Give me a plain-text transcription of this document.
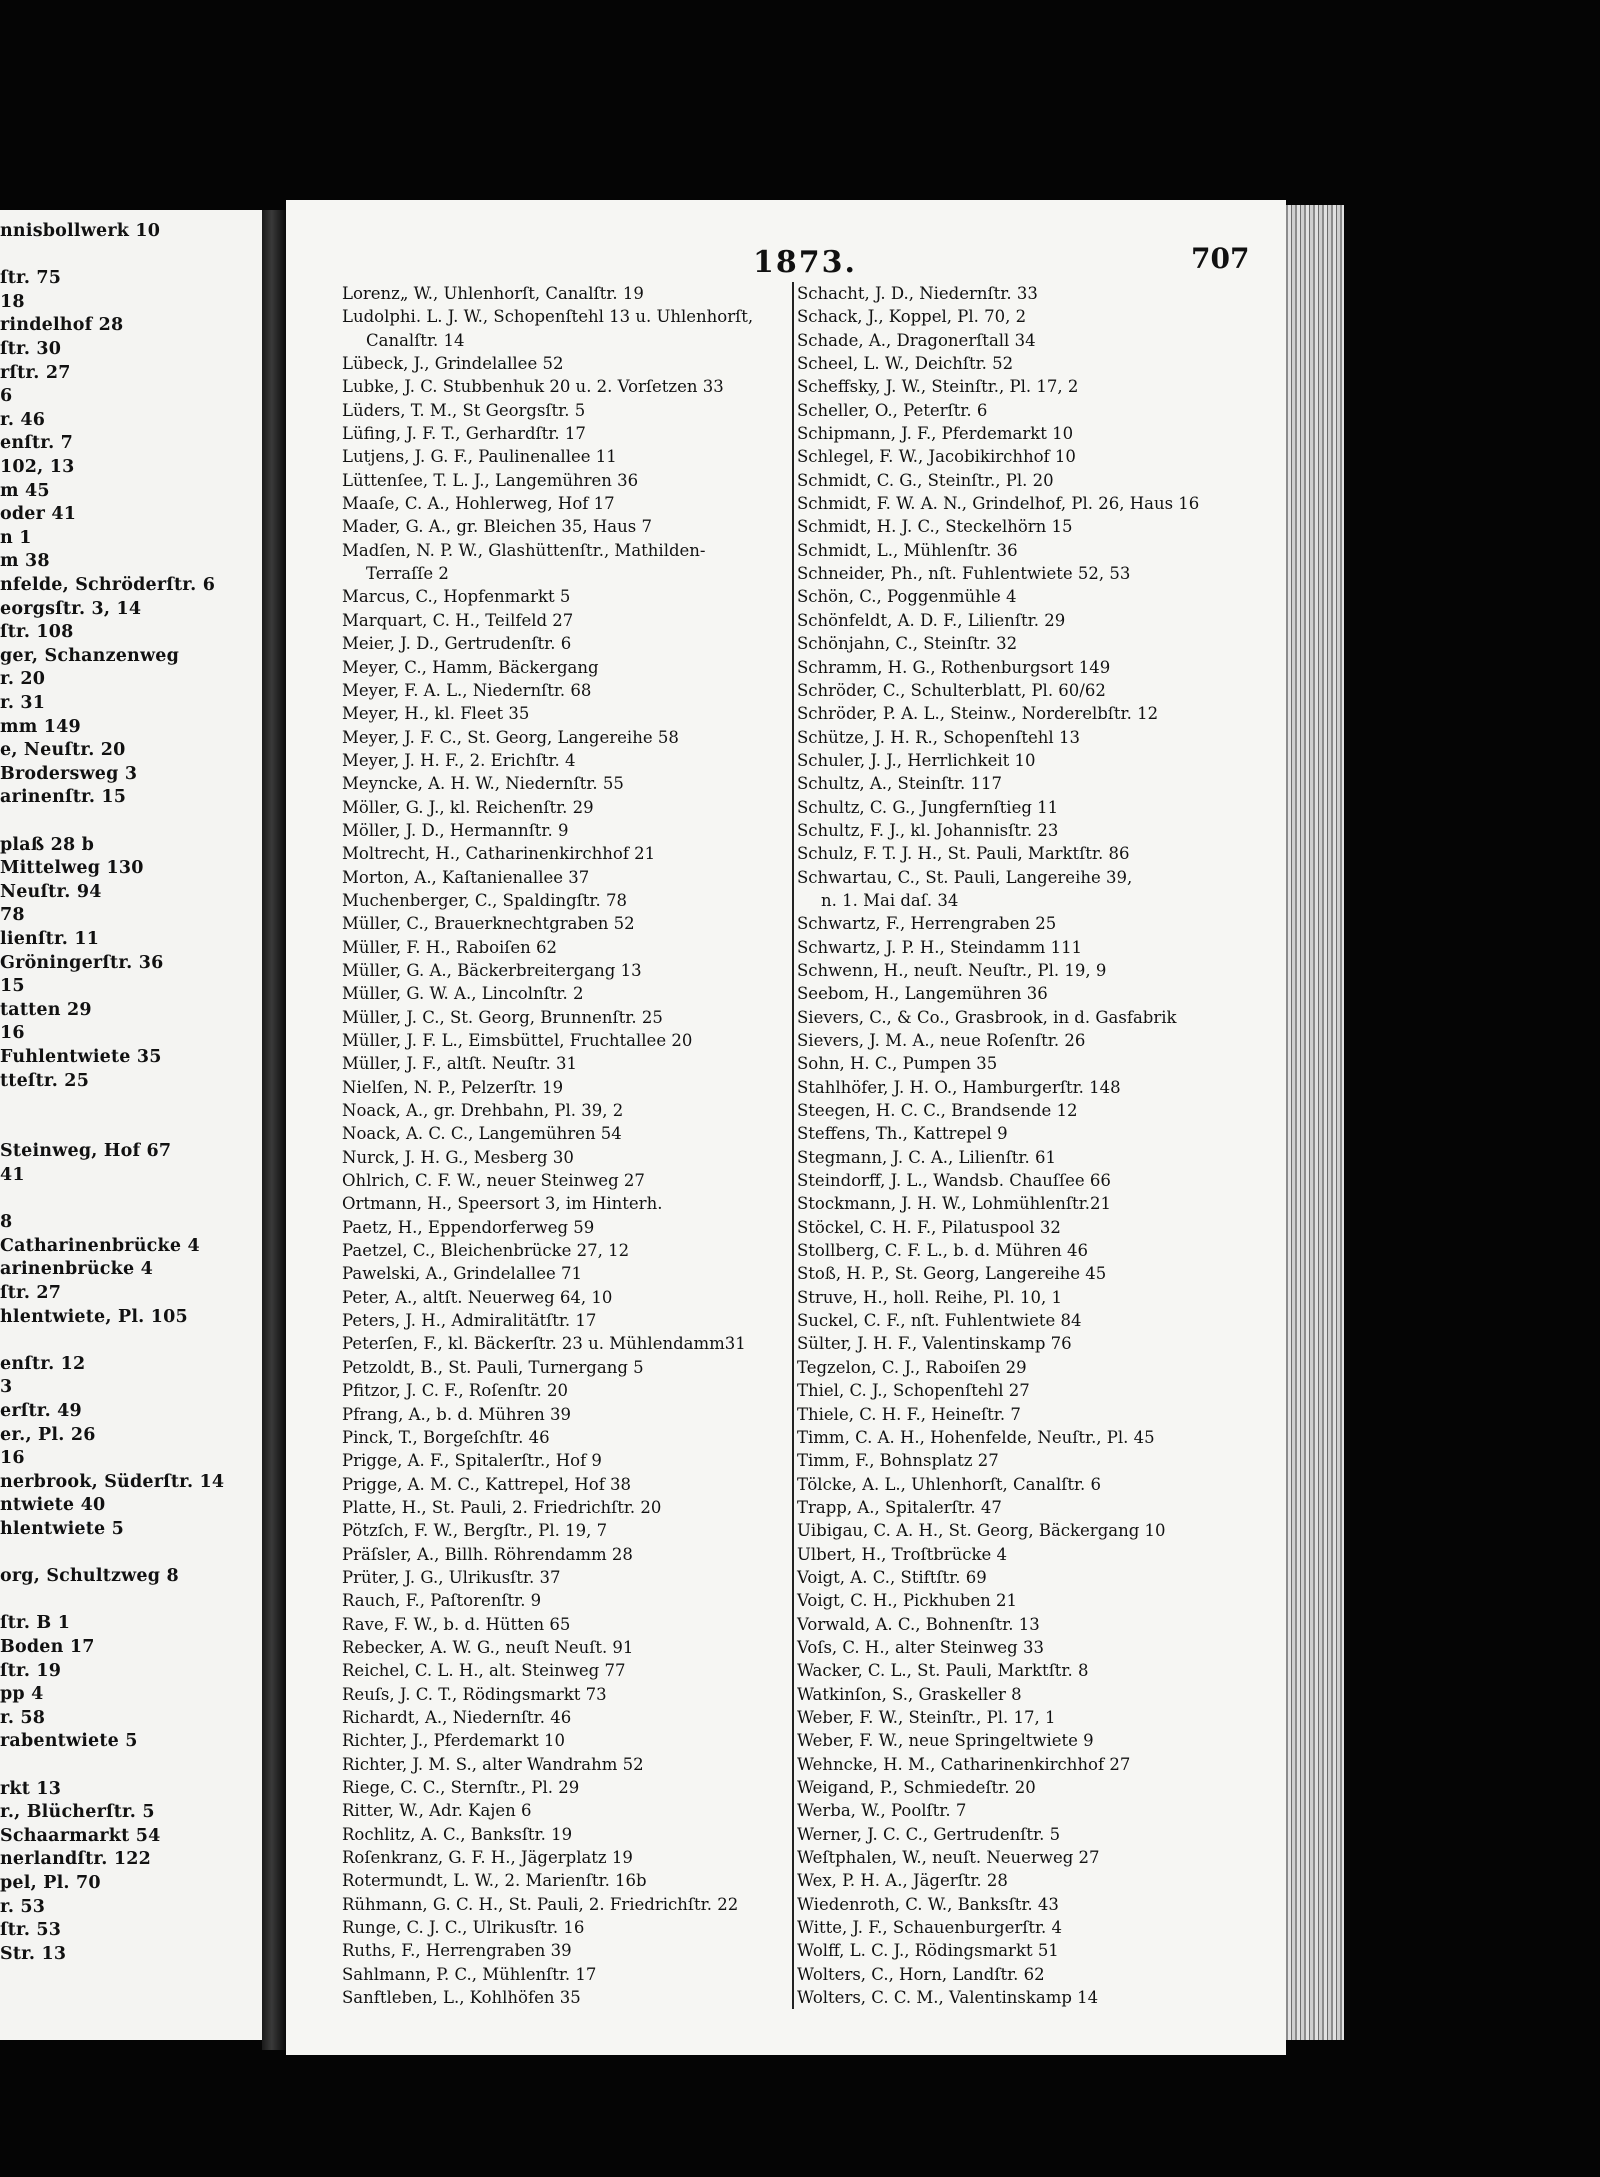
nnisbollwerk 10
ſtr. 75
18
rindelhof 28
ſtr. 30
rſtr. 27
6
r. 46
enſtr. 7
102, 13
m 45
oder 41
n 1
m 38
nfelde, Schröderſtr. 6
eorgsſtr. 3, 14
ſtr. 108
ger, Schanzenweg
r. 20
r. 31
mm 149
e, Neuſtr. 20
Brodersweg 3
arinenſtr. 15
plaß 28 b
Mittelweg 130
Neuſtr. 94
78
lienſtr. 11
Gröningerſtr. 36
15
tatten 29
16
Fuhlentwiete 35
tteſtr. 25
Steinweg, Hof 67
41
8
Catharinenbrücke 4
arinenbrücke 4
ſtr. 27
hlentwiete, Pl. 105
enſtr. 12
3
erſtr. 49
er., Pl. 26
16
nerbrook, Süderſtr. 14
ntwiete 40
hlentwiete 5
org, Schultzweg 8
ſtr. B 1
Boden 17
ſtr. 19
pp 4
r. 58
rabentwiete 5
rkt 13
r., Blücherſtr. 5
Schaarmarkt 54
nerlandſtr. 122
pel, Pl. 70
r. 53
ſtr. 53
Str. 13
1873.	707
Lorenz„ W., Uhlenhorſt, Canalſtr. 19
Ludolphi. L. J. W., Schopenſtehl 13 u. Uhlenhorſt,
Canalſtr. 14
Lübeck, J., Grindelallee 52
Lubke, J. C. Stubbenhuk 20 u. 2. Vorſetzen 33
Lüders, T. M., St Georgsſtr. 5
Lüfing, J. F. T., Gerhardſtr. 17
Lutjens, J. G. F., Paulinenallee 11
Lüttenſee, T. L. J., Langemühren 36
Maaſe, C. A., Hohlerweg, Hof 17
Mader, G. A., gr. Bleichen 35, Haus 7
Madſen, N. P. W., Glashüttenſtr., Mathilden-
Terraſſe 2
Marcus, C., Hopfenmarkt 5
Marquart, C. H., Teilfeld 27
Meier, J. D., Gertrudenſtr. 6
Meyer, C., Hamm, Bäckergang
Meyer, F. A. L., Niedernſtr. 68
Meyer, H., kl. Fleet 35
Meyer, J. F. C., St. Georg, Langereihe 58
Meyer, J. H. F., 2. Erichſtr. 4
Meyncke, A. H. W., Niedernſtr. 55
Möller, G. J., kl. Reichenſtr. 29
Möller, J. D., Hermannſtr. 9
Moltrecht, H., Catharinenkirchhof 21
Morton, A., Kaſtanienallee 37
Muchenberger, C., Spaldingſtr. 78
Müller, C., Brauerknechtgraben 52
Müller, F. H., Raboiſen 62
Müller, G. A., Bäckerbreitergang 13
Müller, G. W. A., Lincolnſtr. 2
Müller, J. C., St. Georg, Brunnenſtr. 25
Müller, J. F. L., Eimsbüttel, Fruchtallee 20
Müller, J. F., altſt. Neuſtr. 31
Nielſen, N. P., Pelzerſtr. 19
Noack, A., gr. Drehbahn, Pl. 39, 2
Noack, A. C. C., Langemühren 54
Nurck, J. H. G., Mesberg 30
Ohlrich, C. F. W., neuer Steinweg 27
Ortmann, H., Speersort 3, im Hinterh.
Paetz, H., Eppendorferweg 59
Paetzel, C., Bleichenbrücke 27, 12
Pawelski, A., Grindelallee 71
Peter, A., altſt. Neuerweg 64, 10
Peters, J. H., Admiralitätſtr. 17
Peterſen, F., kl. Bäckerſtr. 23 u. Mühlendamm31
Petzoldt, B., St. Pauli, Turnergang 5
Pfitzor, J. C. F., Roſenſtr. 20
Pfrang, A., b. d. Mühren 39
Pinck, T., Borgeſchſtr. 46
Prigge, A. F., Spitalerſtr., Hof 9
Prigge, A. M. C., Kattrepel, Hof 38
Platte, H., St. Pauli, 2. Friedrichſtr. 20
Pötzſch, F. W., Bergſtr., Pl. 19, 7
Präſsler, A., Billh. Röhrendamm 28
Prüter, J. G., Ulrikusſtr. 37
Rauch, F., Paſtorenſtr. 9
Rave, F. W., b. d. Hütten 65
Rebecker, A. W. G., neuſt Neuſt. 91
Reichel, C. L. H., alt. Steinweg 77
Reuſs, J. C. T., Rödingsmarkt 73
Richardt, A., Niedernſtr. 46
Richter, J., Pferdemarkt 10
Richter, J. M. S., alter Wandrahm 52
Riege, C. C., Sternſtr., Pl. 29
Ritter, W., Adr. Kajen 6
Rochlitz, A. C., Banksſtr. 19
Roſenkranz, G. F. H., Jägerplatz 19
Rotermundt, L. W., 2. Marienſtr. 16b
Rühmann, G. C. H., St. Pauli, 2. Friedrichſtr. 22
Runge, C. J. C., Ulrikusſtr. 16
Ruths, F., Herrengraben 39
Sahlmann, P. C., Mühlenſtr. 17
Sanftleben, L., Kohlhöfen 35
Schacht, J. D., Niedernſtr. 33
Schack, J., Koppel, Pl. 70, 2
Schade, A., Dragonerſtall 34
Scheel, L. W., Deichſtr. 52
Scheffsky, J. W., Steinſtr., Pl. 17, 2
Scheller, O., Peterſtr. 6
Schipmann, J. F., Pferdemarkt 10
Schlegel, F. W., Jacobikirchhof 10
Schmidt, C. G., Steinſtr., Pl. 20
Schmidt, F. W. A. N., Grindelhof, Pl. 26, Haus 16
Schmidt, H. J. C., Steckelhörn 15
Schmidt, L., Mühlenſtr. 36
Schneider, Ph., nſt. Fuhlentwiete 52, 53
Schön, C., Poggenmühle 4
Schönfeldt, A. D. F., Lilienſtr. 29
Schönjahn, C., Steinſtr. 32
Schramm, H. G., Rothenburgsort 149
Schröder, C., Schulterblatt, Pl. 60/62
Schröder, P. A. L., Steinw., Norderelbſtr. 12
Schütze, J. H. R., Schopenſtehl 13
Schuler, J. J., Herrlichkeit 10
Schultz, A., Steinſtr. 117
Schultz, C. G., Jungfernſtieg 11
Schultz, F. J., kl. Johannisſtr. 23
Schulz, F. T. J. H., St. Pauli, Marktſtr. 86
Schwartau, C., St. Pauli, Langereihe 39,
n. 1. Mai daſ. 34
Schwartz, F., Herrengraben 25
Schwartz, J. P. H., Steindamm 111
Schwenn, H., neuſt. Neuſtr., Pl. 19, 9
Seebom, H., Langemühren 36
Sievers, C., & Co., Grasbrook, in d. Gasfabrik
Sievers, J. M. A., neue Roſenſtr. 26
Sohn, H. C., Pumpen 35
Stahlhöfer, J. H. O., Hamburgerſtr. 148
Steegen, H. C. C., Brandsende 12
Steffens, Th., Kattrepel 9
Stegmann, J. C. A., Lilienſtr. 61
Steindorff, J. L., Wandsb. Chauſſee 66
Stockmann, J. H. W., Lohmühlenſtr.21
Stöckel, C. H. F., Pilatuspool 32
Stollberg, C. F. L., b. d. Mühren 46
Stoß, H. P., St. Georg, Langereihe 45
Struve, H., holl. Reihe, Pl. 10, 1
Suckel, C. F., nſt. Fuhlentwiete 84
Sülter, J. H. F., Valentinskamp 76
Tegzelon, C. J., Raboiſen 29
Thiel, C. J., Schopenſtehl 27
Thiele, C. H. F., Heineſtr. 7
Timm, C. A. H., Hohenfelde, Neuſtr., Pl. 45
Timm, F., Bohnsplatz 27
Tölcke, A. L., Uhlenhorſt, Canalſtr. 6
Trapp, A., Spitalerſtr. 47
Uibigau, C. A. H., St. Georg, Bäckergang 10
Ulbert, H., Troſtbrücke 4
Voigt, A. C., Stiftſtr. 69
Voigt, C. H., Pickhuben 21
Vorwald, A. C., Bohnenſtr. 13
Voſs, C. H., alter Steinweg 33
Wacker, C. L., St. Pauli, Marktſtr. 8
Watkinſon, S., Graskeller 8
Weber, F. W., Steinſtr., Pl. 17, 1
Weber, F. W., neue Springeltwiete 9
Wehncke, H. M., Catharinenkirchhof 27
Weigand, P., Schmiedeſtr. 20
Werba, W., Poolſtr. 7
Werner, J. C. C., Gertrudenſtr. 5
Weſtphalen, W., neuſt. Neuerweg 27
Wex, P. H. A., Jägerſtr. 28
Wiedenroth, C. W., Banksſtr. 43
Witte, J. F., Schauenburgerſtr. 4
Wolff, L. C. J., Rödingsmarkt 51
Wolters, C., Horn, Landſtr. 62
Wolters, C. C. M., Valentinskamp 14
